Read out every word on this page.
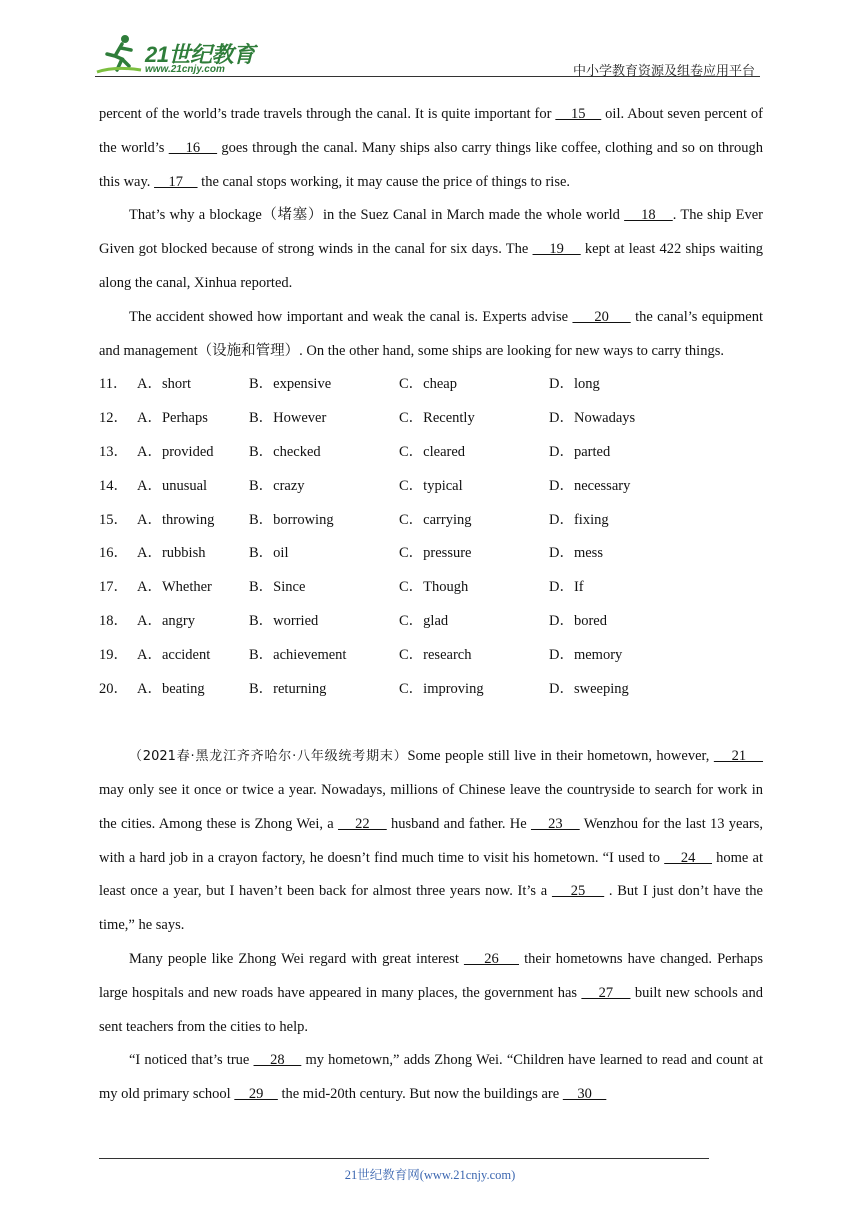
21世纪教育
www.21cnjy.com	中小学教育资源及组卷应用平台

percent of the world’s trade travels through the canal. It is quite important for     15     oil. About seven percent of the world’s     16     goes through the canal. Many ships also carry things like coffee, clothing and so on through this way.     17     the canal stops working, it may cause the price of things to rise.

That’s why a blockage（堵塞）in the Suez Canal in March made the whole world     18    . The ship Ever Given got blocked because of strong winds in the canal for six days. The     19     kept at least 422 ships waiting along the canal, Xinhua reported.

The accident showed how important and weak the canal is. Experts advise      20      the canal’s equipment and management（设施和管理）. On the other hand, some ships are looking for new ways to carry things.

11． A．short	B．expensive	C．cheap	D．long
12． A．Perhaps	B．However	C．Recently	D．Nowadays
13． A．provided	B．checked	C．cleared	D．parted
14． A．unusual	B．crazy	C．typical	D．necessary
15． A．throwing	B．borrowing	C．carrying	D．fixing
16． A．rubbish	B．oil	C．pressure	D．mess
17． A．Whether	B．Since	C．Though	D．If
18． A．angry	B．worried	C．glad	D．bored
19． A．accident	B．achievement	C．research	D．memory
20． A．beating	B．returning	C．improving	D．sweeping

（2021春·黑龙江齐齐哈尔·八年级统考期末）Some people still live in their hometown, however,     21     may only see it once or twice a year. Nowadays, millions of Chinese leave the countryside to search for work in the cities. Among these is Zhong Wei, a     22     husband and father. He     23     Wenzhou for the last 13 years, with a hard job in a crayon factory, he doesn’t find much time to visit his hometown. “I used to     24     home at least once a year, but I haven’t been back for almost three years now. It’s a     25     . But I just don’t have the time,” he says.

Many people like Zhong Wei regard with great interest     26     their hometowns have changed. Perhaps large hospitals and new roads have appeared in many places, the government has     27     built new schools and sent teachers from the cities to help.

“I noticed that’s true     28     my hometown,” adds Zhong Wei. “Children have learned to read and count at my old primary school     29     the mid-20th century. But now the buildings are     30

21世纪教育网(www.21cnjy.com)
